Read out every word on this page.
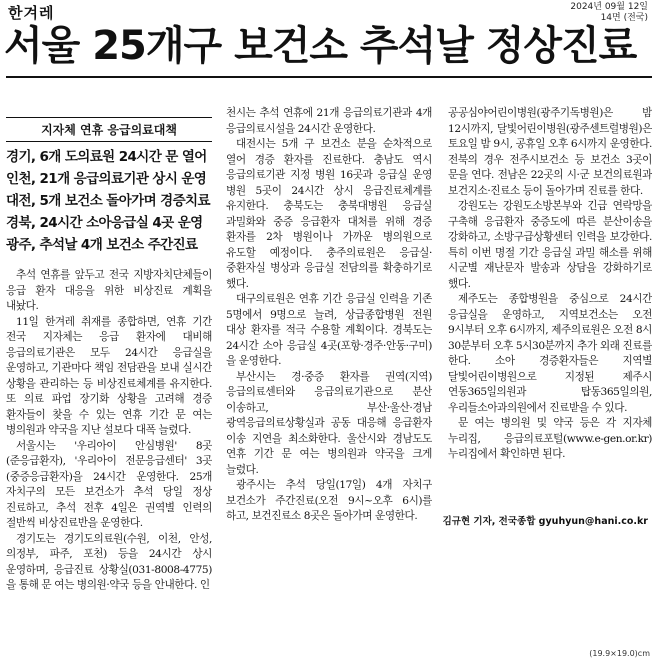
한겨레	2024년 09월 12일
14면 (전국)
서울 25개구 보건소 추석날 정상진료
지자체 연휴 응급의료대책
경기, 6개 도의료원 24시간 문 열어
인천, 21개 응급의료기관 상시 운영
대전, 5개 보건소 돌아가며 경증치료
경북, 24시간 소아응급실 4곳 운영
광주, 추석날 4개 보건소 주간진료

추석 연휴를 앞두고 전국 지방자치단체들이 응급 환자 대응을 위한 비상진료 계획을 내놨다.

11일 한겨레 취재를 종합하면, 연휴 기간 전국 지자체는 응급 환자에 대비해 응급의료기관은 모두 24시간 응급실을 운영하고, 기관마다 책임 전담관을 보내 실시간 상황을 관리하는 등 비상진료체계를 유지한다. 또 의료 파업 장기화 상황을 고려해 경증 환자들이 찾을 수 있는 연휴 기간 문 여는 병의원과 약국을 지난 설보다 대폭 늘렸다.

서울시는 '우리아이 안심병원' 8곳(준응급환자), '우리아이 전문응급센터' 3곳(중증응급환자)을 24시간 운영한다. 25개 자치구의 모든 보건소가 추석 당일 정상 진료하고, 추석 전후 4일은 권역별 인력의 절반씩 비상진료반을 운영한다.

경기도는 경기도의료원(수원, 이천, 안성, 의정부, 파주, 포천) 등을 24시간 상시 운영하며, 응급진료 상황실(031-8008-4775)을 통해 문 여는 병의원·약국 등을 안내한다. 인

천시는 추석 연휴에 21개 응급의료기관과 4개 응급의료시설을 24시간 운영한다.

대전시는 5개 구 보건소 분을 순차적으로 열어 경증 환자를 진료한다. 충남도 역시 응급의료기관 지정 병원 16곳과 응급실 운영 병원 5곳이 24시간 상시 응급진료체계를 유지한다. 충북도는 충북대병원 응급실 과밀화와 중증 응급환자 대처를 위해 경증 환자를 2차 병원이나 가까운 병의원으로 유도할 예정이다. 충주의료원은 응급실·중환자실 병상과 응급실 전담의를 확충하기로 했다.

대구의료원은 연휴 기간 응급실 인력을 기존 5명에서 9명으로 늘려, 상급종합병원 전원 대상 환자를 적극 수용할 계획이다. 경북도는 24시간 소아 응급실 4곳(포항·경주·안동·구미)을 운영한다.

부산시는 경·중증 환자를 권역(지역)응급의료센터와 응급의료기관으로 분산 이송하고, 부산·울산·경남 광역응급의료상황실과 공동 대응해 응급환자 이송 지연을 최소화한다. 울산시와 경남도도 연휴 기간 문 여는 병의원과 약국을 크게 늘렸다.

광주시는 추석 당일(17일) 4개 자치구 보건소가 주간진료(오전 9시~오후 6시)를 하고, 보건진료소 8곳은 돌아가며 운영한다.

공공심야어린이병원(광주기독병원)은 밤 12시까지, 달빛어린이병원(광주센트럴병원)은 토요일 밤 9시, 공휴일 오후 6시까지 운영한다. 전북의 경우 전주시보건소 등 보건소 3곳이 문을 연다. 전남은 22곳의 시·군 보건의료원과 보건지소·진료소 등이 돌아가며 진료를 한다.

강원도는 강원도소방본부와 긴급 연락망을 구축해 응급환자 중증도에 따른 분산이송을 강화하고, 소방구급상황센터 인력을 보강한다. 특히 이번 명절 기간 응급실 과밀 해소를 위해 시군별 재난문자 발송과 상담을 강화하기로 했다.

제주도는 종합병원을 중심으로 24시간 응급실을 운영하고, 지역보건소는 오전 9시부터 오후 6시까지, 제주의료원은 오전 8시 30분부터 오후 5시30분까지 추가 외래 진료를 한다. 소아 경증환자들은 지역별 달빛어린이병원으로 지정된 제주시 연동365일의원과 탑동365일의원, 우리들소아과의원에서 진료받을 수 있다.

문 여는 병의원 및 약국 등은 각 지자체 누리집, 응급의료포털(www.e-gen.or.kr) 누리집에서 확인하면 된다.

김규현 기자, 전국종합 gyuhyun@hani.co.kr
(19.9×19.0)cm
